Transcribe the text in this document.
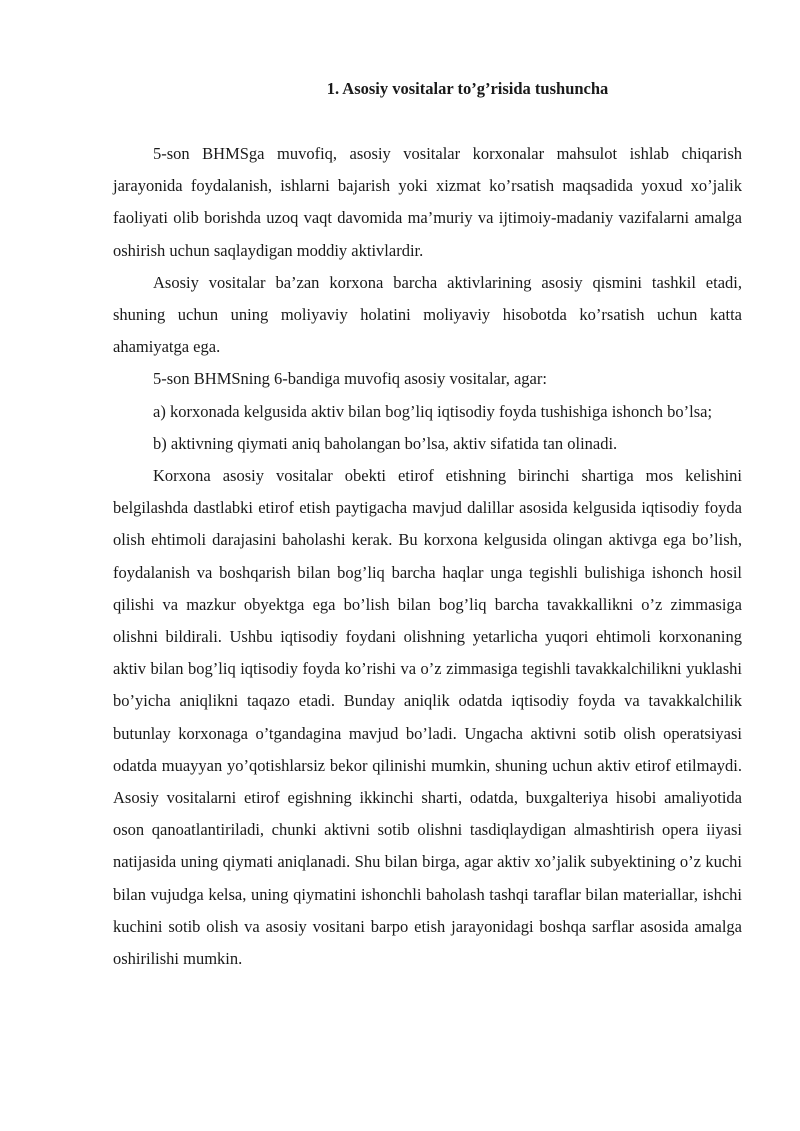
1. Asosiy vositalar to’g’risida tushuncha

5-son BHMSga muvofiq, asosiy vositalar korxonalar mahsulot ishlab chiqarish jarayonida foydalanish, ishlarni bajarish yoki xizmat ko’rsatish maqsadida yoxud xo’jalik faoliyati olib borishda uzoq vaqt davomida ma’muriy va ijtimoiy-madaniy vazifalarni amalga oshirish uchun saqlaydigan moddiy aktivlardir.

Asosiy vositalar ba’zan korxona barcha aktivlarining asosiy qismini tashkil etadi, shuning uchun uning moliyaviy holatini moliyaviy hisobotda ko’rsatish uchun katta ahamiyatga ega.

5-son BHMSning 6-bandiga muvofiq asosiy vositalar, agar:

a) korxonada kelgusida aktiv bilan bog’liq iqtisodiy foyda tushishiga ishonch bo’lsa;

b) aktivning qiymati aniq baholangan bo’lsa, aktiv sifatida tan olinadi.

Korxona asosiy vositalar obekti etirof etishning birinchi shartiga mos kelishini belgilashda dastlabki etirof etish paytigacha mavjud dalillar asosida kelgusida iqtisodiy foyda olish ehtimoli darajasini baholashi kerak. Bu korxona kelgusida olingan aktivga ega bo’lish, foydalanish va boshqarish bilan bog’liq barcha haqlar unga tegishli bulishiga ishonch hosil qilishi va mazkur obyektga ega bo’lish bilan bog’liq barcha tavakkallikni o’z zimmasiga olishni bildirali. Ushbu iqtisodiy foydani olishning yetarlicha yuqori ehtimoli korxonaning aktiv bilan bog’liq iqtisodiy foyda ko’rishi va o’z zimmasiga tegishli tavakkalchilikni yuklashi bo’yicha aniqlikni taqazo etadi. Bunday aniqlik odatda iqtisodiy foyda va tavakkalchilik butunlay korxonaga o’tgandagina mavjud bo’ladi. Ungacha aktivni sotib olish operatsiyasi odatda muayyan yo’qotishlarsiz bekor qilinishi mumkin, shuning uchun aktiv etirof etilmaydi. Asosiy vositalarni etirof egishning ikkinchi sharti, odatda, buxgalteriya hisobi amaliyotida oson qanoatlantiriladi, chunki aktivni sotib olishni tasdiqlaydigan almashtirish opera iiyasi natijasida uning qiymati aniqlanadi. Shu bilan birga, agar aktiv xo’jalik subyektining o’z kuchi bilan vujudga kelsa, uning qiymatini ishonchli baholash tashqi taraflar bilan materiallar, ishchi kuchini sotib olish va asosiy vositani barpo etish jarayonidagi boshqa sarflar asosida amalga oshirilishi mumkin.
